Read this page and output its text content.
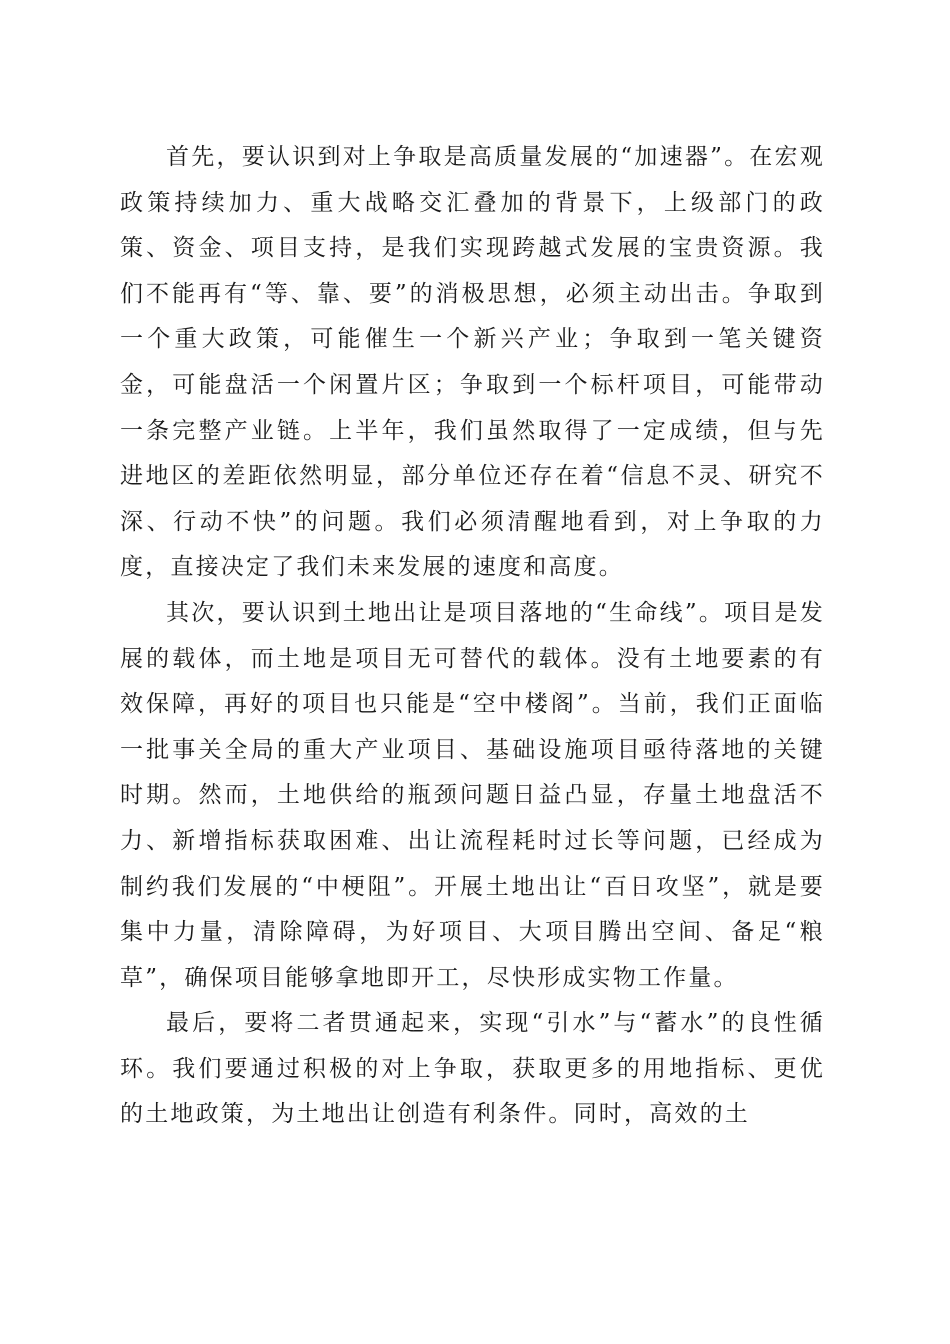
首先，要认识到对上争取是高质量发展的“加速器”。在宏观政策持续加力、重大战略交汇叠加的背景下，上级部门的政策、资金、项目支持，是我们实现跨越式发展的宝贵资源。我们不能再有“等、靠、要”的消极思想，必须主动出击。争取到一个重大政策，可能催生一个新兴产业；争取到一笔关键资金，可能盘活一个闲置片区；争取到一个标杆项目，可能带动一条完整产业链。上半年，我们虽然取得了一定成绩，但与先进地区的差距依然明显，部分单位还存在着“信息不灵、研究不深、行动不快”的问题。我们必须清醒地看到，对上争取的力度，直接决定了我们未来发展的速度和高度。

其次，要认识到土地出让是项目落地的“生命线”。项目是发展的载体，而土地是项目无可替代的载体。没有土地要素的有效保障，再好的项目也只能是“空中楼阁”。当前，我们正面临一批事关全局的重大产业项目、基础设施项目亟待落地的关键时期。然而，土地供给的瓶颈问题日益凸显，存量土地盘活不力、新增指标获取困难、出让流程耗时过长等问题，已经成为制约我们发展的“中梗阻”。开展土地出让“百日攻坚”，就是要集中力量，清除障碍，为好项目、大项目腾出空间、备足“粮草”，确保项目能够拿地即开工，尽快形成实物工作量。

最后，要将二者贯通起来，实现“引水”与“蓄水”的良性循环。我们要通过积极的对上争取，获取更多的用地指标、更优的土地政策，为土地出让创造有利条件。同时，高效的土
